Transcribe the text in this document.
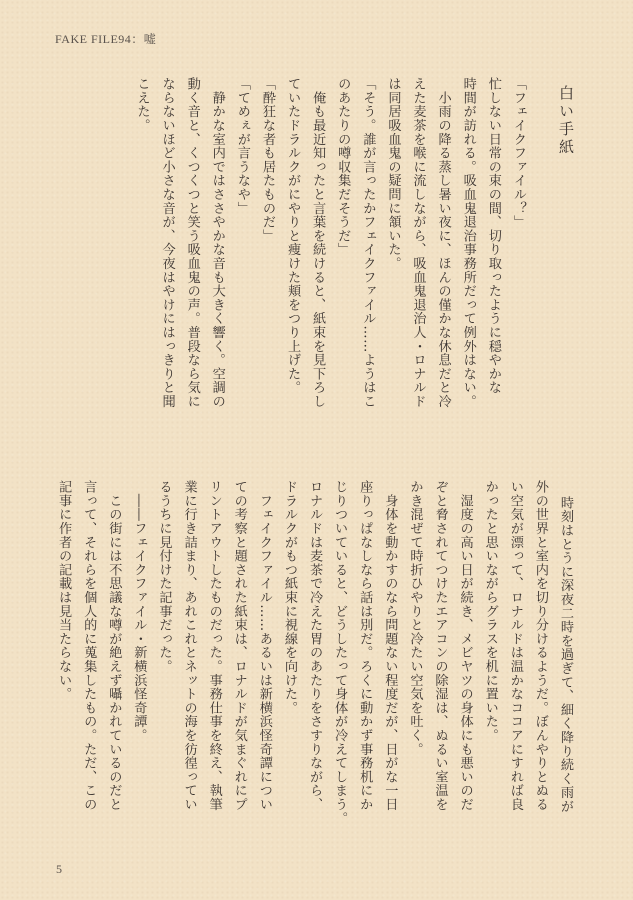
FAKE FILE94：嘘
白い手紙

「フェイクファイル？」

忙しない日常の束の間、切り取ったように穏やかな

時間が訪れる。吸血鬼退治事務所だって例外はない。

　小雨の降る蒸し暑い夜に、ほんの僅かな休息だと冷

えた麦茶を喉に流しながら、吸血鬼退治人・ロナルド

は同居吸血鬼の疑問に頷いた。

「そう。誰が言ったかフェイクファイル……ようはこ

のあたりの噂収集だそうだ」

　俺も最近知ったと言葉を続けると、紙束を見下ろし

ていたドラルクがにやりと痩けた頬をつり上げた。

「酔狂な者も居たものだ」

「てめぇが言うなや」

　静かな室内ではささやかな音も大きく響く。空調の

動く音と、くつくつと笑う吸血鬼の声。普段なら気に

ならないほど小さな音が、今夜はやけにはっきりと聞

こえた。

　時刻はとうに深夜二時を過ぎて、細く降り続く雨が

外の世界と室内を切り分けるようだ。ぼんやりとぬる

い空気が漂って、ロナルドは温かなココアにすれば良

かったと思いながらグラスを机に置いた。

　湿度の高い日が続き、メビヤツの身体にも悪いのだ

ぞと脅されてつけたエアコンの除湿は、ぬるい室温を

かき混ぜて時折ひやりと冷たい空気を吐く。

　身体を動かすのなら問題ない程度だが、日がな一日

座りっぱなしなら話は別だ。ろくに動かず事務机にか

じりついていると、どうしたって身体が冷えてしまう。

ロナルドは麦茶で冷えた胃のあたりをさすりながら、

ドラルクがもつ紙束に視線を向けた。

　フェイクファイル……あるいは新横浜怪奇譚につい

ての考察と題された紙束は、ロナルドが気まぐれにプ

リントアウトしたものだった。事務仕事を終え、執筆

業に行き詰まり、あれこれとネットの海を彷徨ってい

るうちに見付けた記事だった。

　――フェイクファイル・新横浜怪奇譚。

　この街には不思議な噂が絶えず囁かれているのだと

言って、それらを個人的に蒐集したもの。ただ、この

記事に作者の記載は見当たらない。

5
